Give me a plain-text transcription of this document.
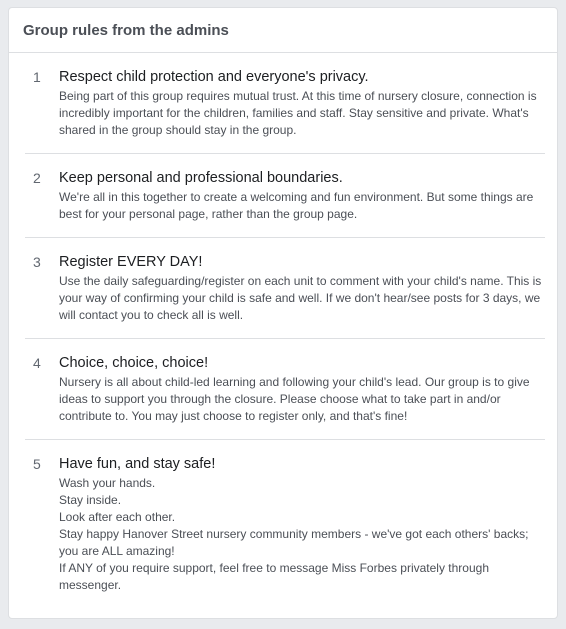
Group rules from the admins
1	Respect child protection and everyone's privacy.
Being part of this group requires mutual trust. At this time of nursery closure, connection is incredibly important for the children, families and staff. Stay sensitive and private. What's shared in the group should stay in the group.
2	Keep personal and professional boundaries.
We're all in this together to create a welcoming and fun environment. But some things are best for your personal page, rather than the group page.
3	Register EVERY DAY!
Use the daily safeguarding/register on each unit to comment with your child's name. This is your way of confirming your child is safe and well. If we don't hear/see posts for 3 days, we will contact you to check all is well.
4	Choice, choice, choice!
Nursery is all about child-led learning and following your child's lead. Our group is to give ideas to support you through the closure. Please choose what to take part in and/or contribute to. You may just choose to register only, and that's fine!
5	Have fun, and stay safe!
Wash your hands.
Stay inside.
Look after each other.
Stay happy Hanover Street nursery community members - we've got each others' backs; you are ALL amazing!
If ANY of you require support, feel free to message Miss Forbes privately through messenger.
